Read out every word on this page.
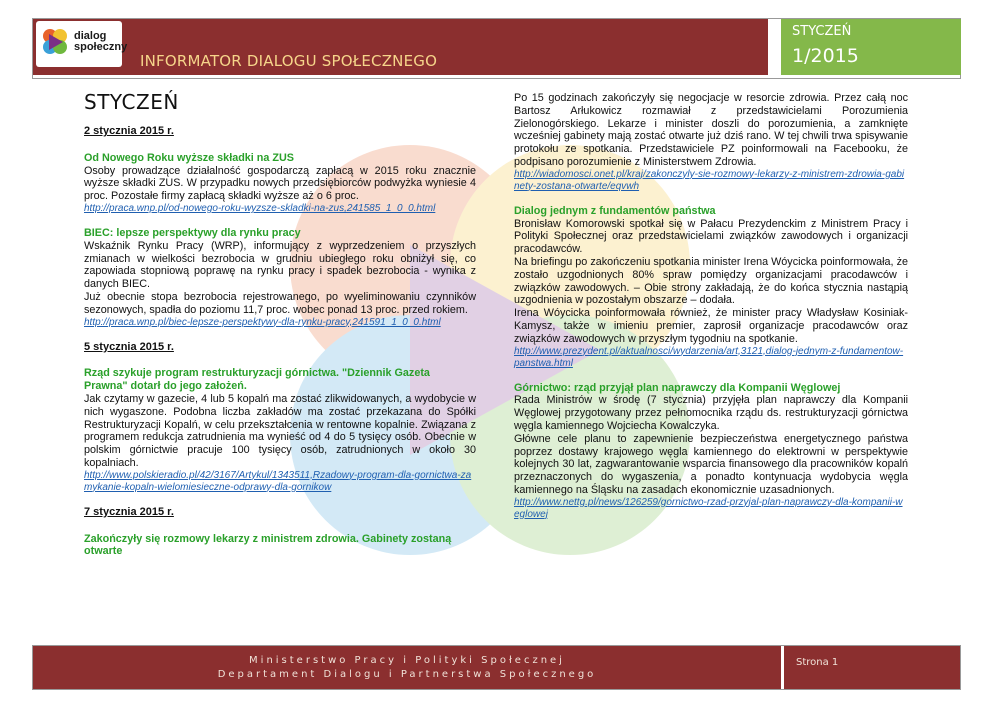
INFORMATOR DIALOGU SPOŁECZNEGO
dialog
społeczny
STYCZEŃ
1/2015
STYCZEŃ
2 stycznia 2015 r.

Od Nowego Roku wyższe składki na ZUS

Osoby prowadzące działalność gospodarczą zapłacą w 2015 roku znacznie wyższe składki ZUS. W przypadku nowych przedsiębiorców podwyżka wyniesie 4 proc. Pozostałe firmy zapłacą składki wyższe aż o 6 proc.

http://praca.wnp.pl/od-nowego-roku-wyzsze-skladki-na-zus,241585_1_0_0.html

BIEC: lepsze perspektywy dla rynku pracy

Wskaźnik Rynku Pracy (WRP), informujący z wyprzedzeniem o przyszłych zmianach w wielkości bezrobocia w grudniu ubiegłego roku obniżył się, co zapowiada stopniową poprawę na rynku pracy i spadek bezrobocia - wynika z danych BIEC.

Już obecnie stopa bezrobocia rejestrowanego, po wyeliminowaniu czynników sezonowych, spadła do poziomu 11,7 proc. wobec ponad 13 proc. przed rokiem.

http://praca.wnp.pl/biec-lepsze-perspektywy-dla-rynku-pracy,241591_1_0_0.html
5 stycznia 2015 r.

Rząd szykuje program restrukturyzacji górnictwa. "Dziennik Gazeta Prawna" dotarł do jego założeń.

Jak czytamy w gazecie, 4 lub 5 kopalń ma zostać zlikwidowanych, a wydobycie w nich wygaszone. Podobna liczba zakładów ma zostać przekazana do Spółki Restrukturyzacji Kopalń, w celu przekształcenia w rentowne kopalnie. Związana z programem redukcja zatrudnienia ma wynieść od 4 do 5 tysięcy osób. Obecnie w polskim górnictwie pracuje 100 tysięcy osób, zatrudnionych w około 30 kopalniach.

http://www.polskieradio.pl/42/3167/Artykul/1343511,Rzadowy-program-dla-gornictwa-zamykanie-kopaln-wielomiesieczne-odprawy-dla-gornikow
7 stycznia 2015 r.

Zakończyły się rozmowy lekarzy z ministrem zdrowia. Gabinety zostaną otwarte

Po 15 godzinach zakończyły się negocjacje w resorcie zdrowia. Przez całą noc Bartosz Arłukowicz rozmawiał z przedstawicielami Porozumienia Zielonogórskiego. Lekarze i minister doszli do porozumienia, a zamknięte wcześniej gabinety mają zostać otwarte już dziś rano. W tej chwili trwa spisywanie protokołu ze spotkania. Przedstawiciele PZ poinformowali na Facebooku, że podpisano porozumienie z Ministerstwem Zdrowia.

http://wiadomosci.onet.pl/kraj/zakonczyly-sie-rozmowy-lekarzy-z-ministrem-zdrowia-gabinety-zostana-otwarte/eqvwh

Dialog jednym z fundamentów państwa

Bronisław Komorowski spotkał się w Pałacu Prezydenckim z Ministrem Pracy i Polityki Społecznej oraz przedstawicielami związków zawodowych i organizacji pracodawców.

Na briefingu po zakończeniu spotkania minister Irena Wóycicka poinformowała, że zostało uzgodnionych 80% spraw pomiędzy organizacjami pracodawców i związków zawodowych. – Obie strony zakładają, że do końca stycznia nastąpią uzgodnienia w pozostałym obszarze – dodała.

Irena Wóycicka poinformowała również, że minister pracy Władysław Kosiniak-Kamysz, także w imieniu premier, zaprosił organizacje pracodawców oraz związków zawodowych w przyszłym tygodniu na spotkanie.

http://www.prezydent.pl/aktualnosci/wydarzenia/art,3121,dialog-jednym-z-fundamentow-panstwa.html

Górnictwo: rząd przyjął plan naprawczy dla Kompanii Węglowej

Rada Ministrów w środę (7 stycznia) przyjęła plan naprawczy dla Kompanii Węglowej przygotowany przez pełnomocnika rządu ds. restrukturyzacji górnictwa węgla kamiennego Wojciecha Kowalczyka.

Główne cele planu to zapewnienie bezpieczeństwa energetycznego państwa poprzez dostawy krajowego węgla kamiennego do elektrowni w perspektywie kolejnych 30 lat, zagwarantowanie wsparcia finansowego dla pracowników kopalń przeznaczonych do wygaszenia, a ponadto kontynuacja wydobycia węgla kamiennego na Śląsku na zasadach ekonomicznie uzasadnionych.

http://www.nettg.pl/news/126259/gornictwo-rzad-przyjal-plan-naprawczy-dla-kompanii-weglowej
Ministerstwo Pracy i Polityki Społecznej
Departament Dialogu i Partnerstwa Społecznego
Strona 1
